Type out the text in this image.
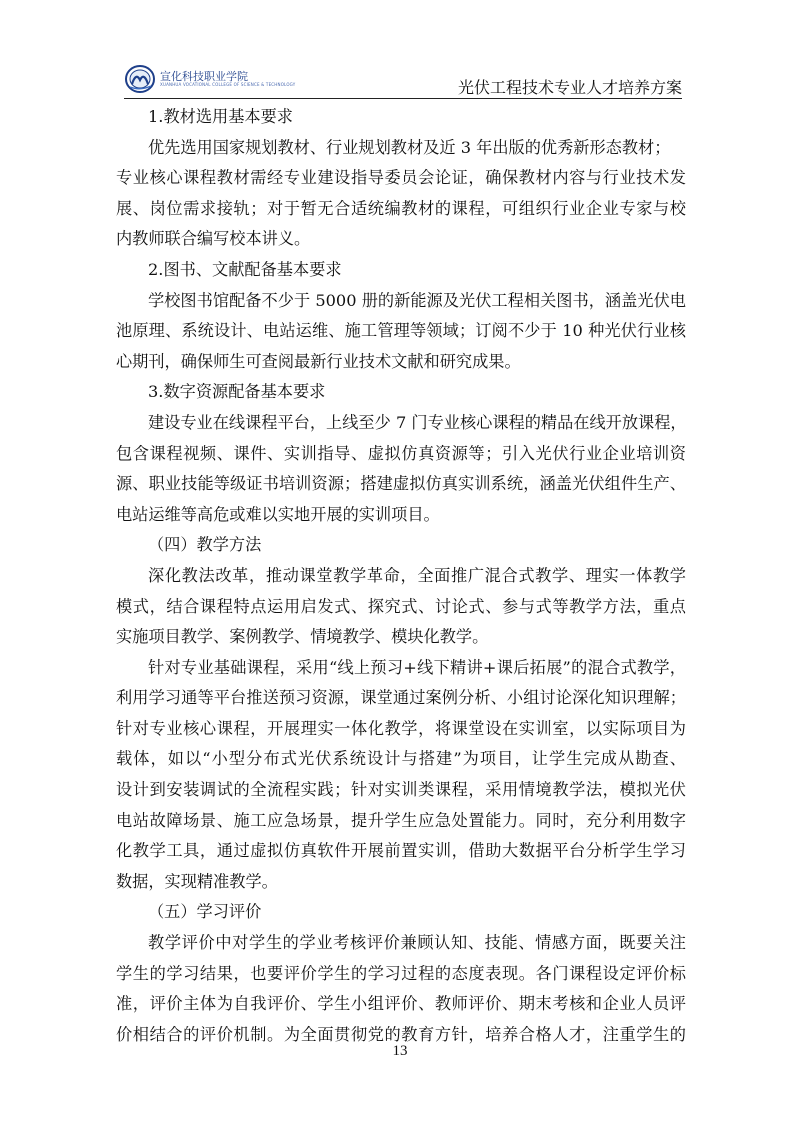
宣化科技职业学院
XUANHUA VOCATIONAL COLLEGE OF SCIENCE & TECHNOLOGY	光伏工程技术专业人才培养方案
1.教材选用基本要求
优先选用国家规划教材、行业规划教材及近 3 年出版的优秀新形态教材；
专业核心课程教材需经专业建设指导委员会论证，确保教材内容与行业技术发
展、岗位需求接轨；对于暂无合适统编教材的课程，可组织行业企业专家与校
内教师联合编写校本讲义。
2.图书、文献配备基本要求
学校图书馆配备不少于 5000 册的新能源及光伏工程相关图书，涵盖光伏电
池原理、系统设计、电站运维、施工管理等领域；订阅不少于 10 种光伏行业核
心期刊，确保师生可查阅最新行业技术文献和研究成果。
3.数字资源配备基本要求
建设专业在线课程平台，上线至少 7 门专业核心课程的精品在线开放课程，
包含课程视频、课件、实训指导、虚拟仿真资源等；引入光伏行业企业培训资
源、职业技能等级证书培训资源；搭建虚拟仿真实训系统，涵盖光伏组件生产、
电站运维等高危或难以实地开展的实训项目。
（四）教学方法
深化教法改革，推动课堂教学革命，全面推广混合式教学、理实一体教学
模式，结合课程特点运用启发式、探究式、讨论式、参与式等教学方法，重点
实施项目教学、案例教学、情境教学、模块化教学。
针对专业基础课程，采用“线上预习+线下精讲+课后拓展”的混合式教学，
利用学习通等平台推送预习资源，课堂通过案例分析、小组讨论深化知识理解；
针对专业核心课程，开展理实一体化教学，将课堂设在实训室，以实际项目为
载体，如以“小型分布式光伏系统设计与搭建”为项目，让学生完成从勘查、
设计到安装调试的全流程实践；针对实训类课程，采用情境教学法，模拟光伏
电站故障场景、施工应急场景，提升学生应急处置能力。同时，充分利用数字
化教学工具，通过虚拟仿真软件开展前置实训，借助大数据平台分析学生学习
数据，实现精准教学。
（五）学习评价
教学评价中对学生的学业考核评价兼顾认知、技能、情感方面，既要关注
学生的学习结果，也要评价学生的学习过程的态度表现。各门课程设定评价标
准，评价主体为自我评价、学生小组评价、教师评价、期末考核和企业人员评
价相结合的评价机制。为全面贯彻党的教育方针，培养合格人才，注重学生的
13
